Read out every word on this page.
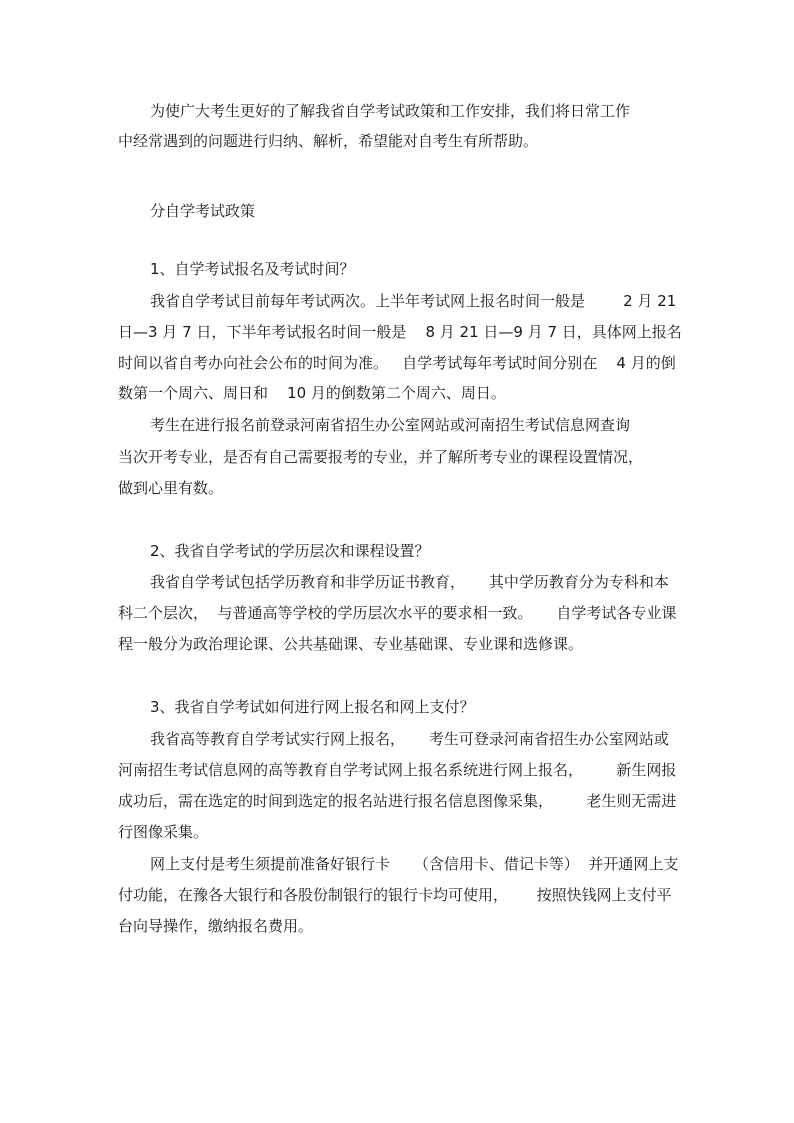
为使广大考生更好的了解我省自学考试政策和工作安排，我们将日常工作

中经常遇到的问题进行归纳、解析，希望能对自考生有所帮助。

分自学考试政策

1、自学考试报名及考试时间？

我省自学考试目前每年考试两次。上半年考试网上报名时间一般是        2 月 21

日—3 月 7 日，下半年考试报名时间一般是    8 月 21 日—9 月 7 日，具体网上报名

时间以省自考办向社会公布的时间为准。   自学考试每年考试时间分别在    4 月的倒

数第一个周六、周日和    10 月的倒数第二个周六、周日。

考生在进行报名前登录河南省招生办公室网站或河南招生考试信息网查询

当次开考专业，是否有自己需要报考的专业，并了解所考专业的课程设置情况，

做到心里有数。

2、我省自学考试的学历层次和课程设置？

我省自学考试包括学历教育和非学历证书教育，     其中学历教育分为专科和本

科二个层次，  与普通高等学校的学历层次水平的要求相一致。     自学考试各专业课

程一般分为政治理论课、公共基础课、专业基础课、专业课和选修课。

3、我省自学考试如何进行网上报名和网上支付？

我省高等教育自学考试实行网上报名，     考生可登录河南省招生办公室网站或

河南招生考试信息网的高等教育自学考试网上报名系统进行网上报名，       新生网报

成功后，需在选定的时间到选定的报名站进行报名信息图像采集，       老生则无需进

行图像采集。

网上支付是考生须提前准备好银行卡     （含信用卡、借记卡等）  并开通网上支

付功能，在豫各大银行和各股份制银行的银行卡均可使用，      按照快钱网上支付平

台向导操作，缴纳报名费用。
